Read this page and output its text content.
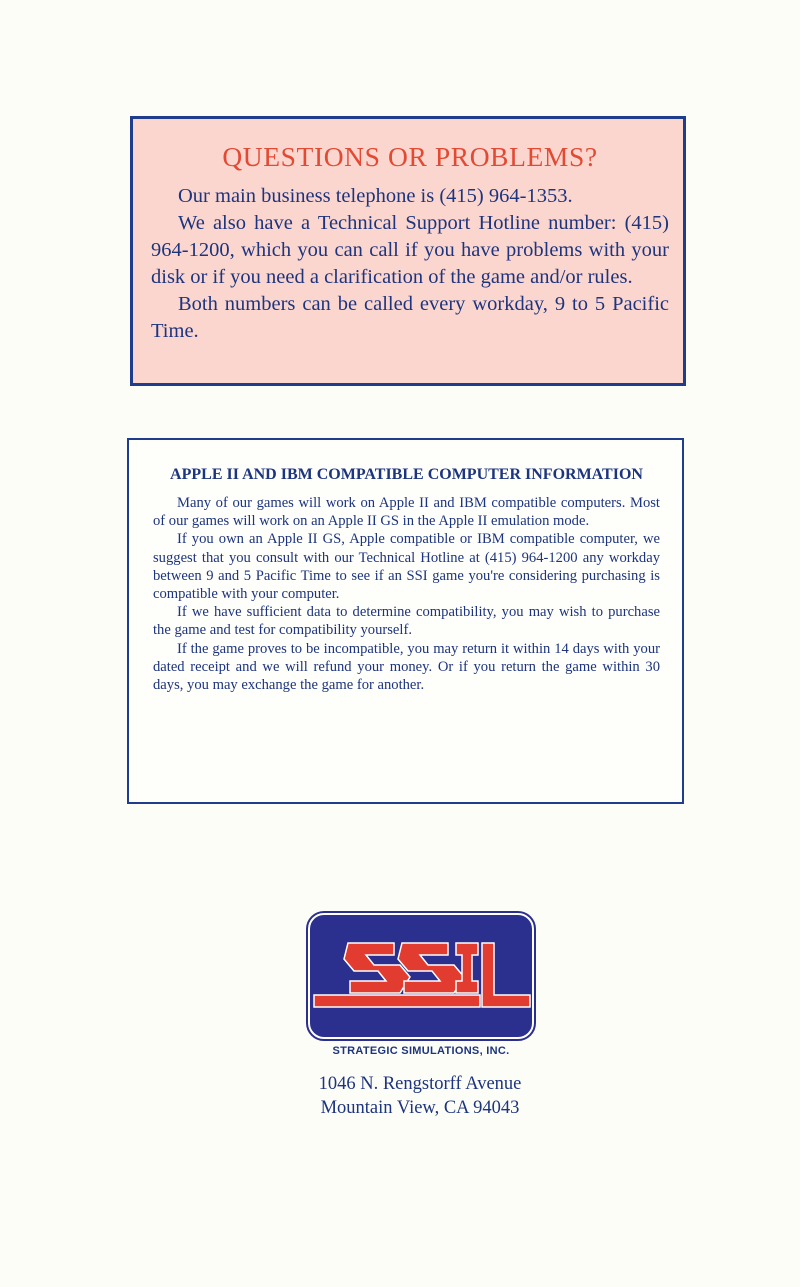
QUESTIONS OR PROBLEMS?

Our main business telephone is (415) 964-1353.

We also have a Technical Support Hotline number: (415) 964-1200, which you can call if you have problems with your disk or if you need a clarification of the game and/or rules.

Both numbers can be called every workday, 9 to 5 Pacific Time.

APPLE II AND IBM COMPATIBLE COMPUTER INFORMATION

Many of our games will work on Apple II and IBM compatible computers. Most of our games will work on an Apple II GS in the Apple II emulation mode.

If you own an Apple II GS, Apple compatible or IBM compatible computer, we suggest that you consult with our Technical Hotline at (415) 964-1200 any workday between 9 and 5 Pacific Time to see if an SSI game you're considering purchasing is compatible with your computer.

If we have sufficient data to determine compatibility, you may wish to purchase the game and test for compatibility yourself.

If the game proves to be incompatible, you may return it within 14 days with your dated receipt and we will refund your money. Or if you return the game within 30 days, you may exchange the game for another.

STRATEGIC SIMULATIONS, INC.
1046 N. Rengstorff Avenue
Mountain View, CA 94043
